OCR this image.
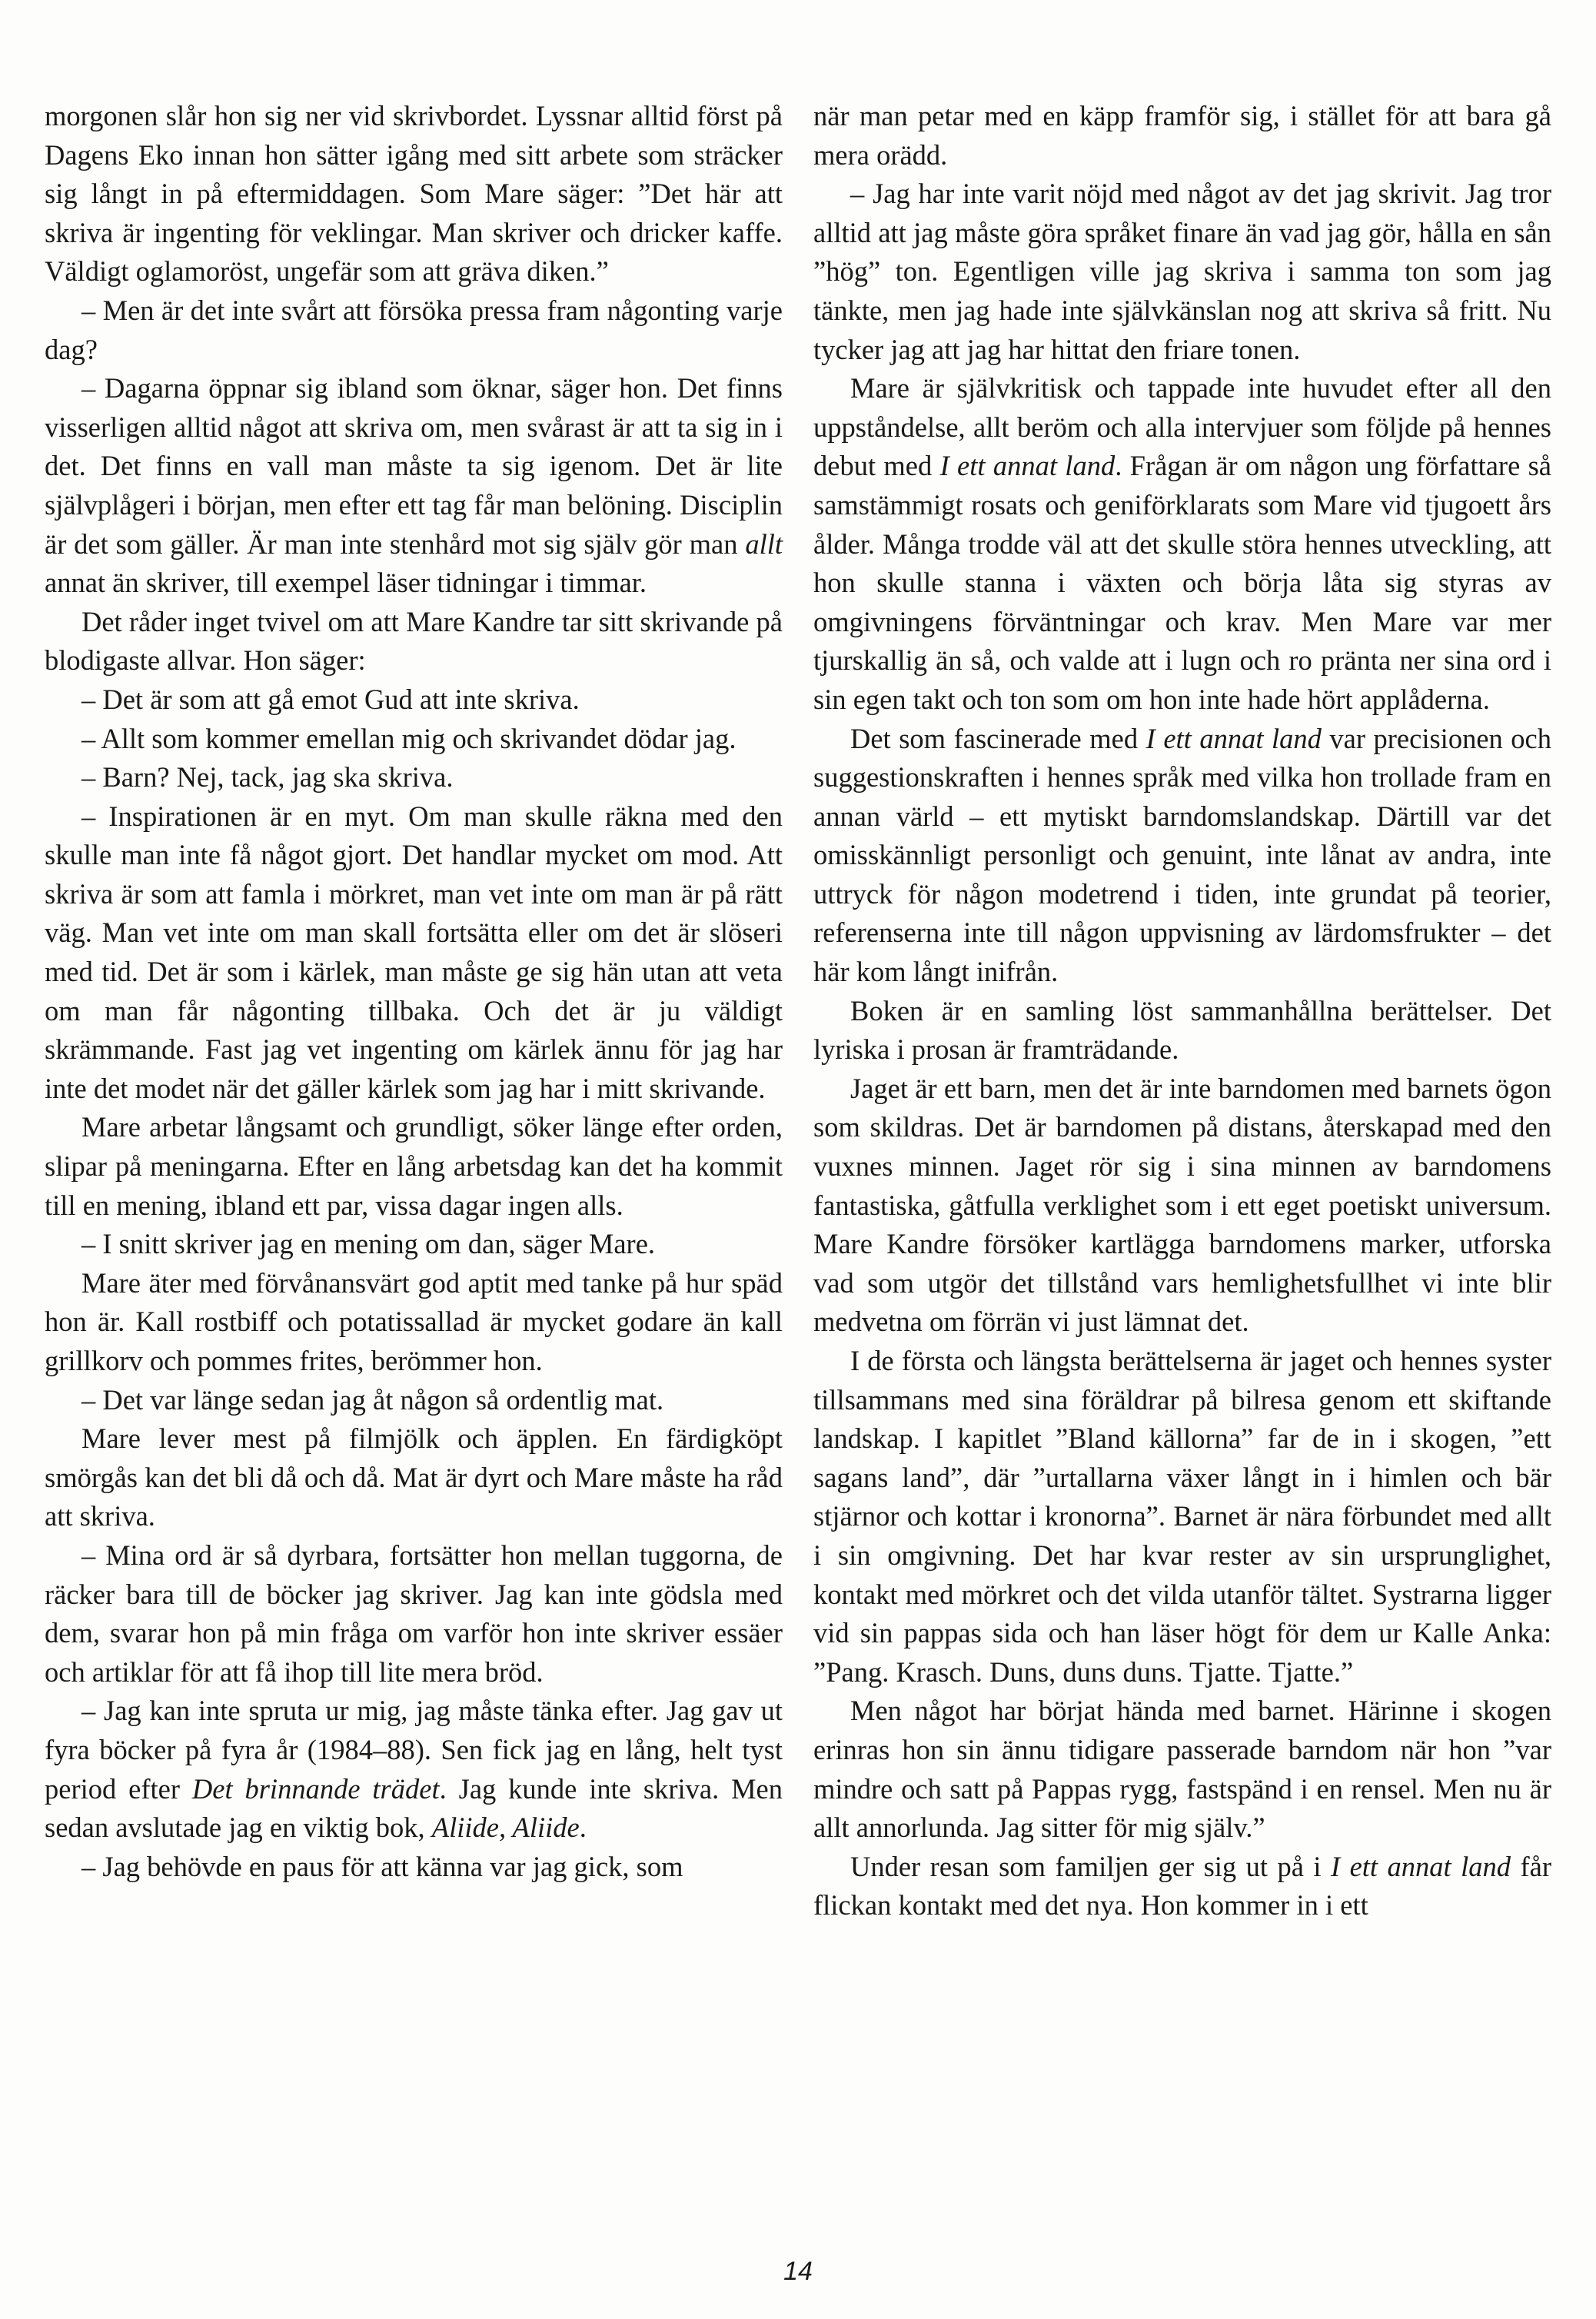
morgonen slår hon sig ner vid skrivbordet. Lyssnar alltid först på Dagens Eko innan hon sätter igång med sitt arbete som sträcker sig långt in på eftermiddagen. Som Mare säger: ”Det här att skriva är ingenting för veklingar. Man skriver och dricker kaffe. Väldigt oglamoröst, ungefär som att gräva diken.”

– Men är det inte svårt att försöka pressa fram någonting varje dag?

– Dagarna öppnar sig ibland som öknar, säger hon. Det finns visserligen alltid något att skriva om, men svårast är att ta sig in i det. Det finns en vall man måste ta sig igenom. Det är lite självplågeri i början, men efter ett tag får man belöning. Disciplin är det som gäller. Är man inte stenhård mot sig själv gör man allt annat än skriver, till exempel läser tidningar i timmar.

Det råder inget tvivel om att Mare Kandre tar sitt skrivande på blodigaste allvar. Hon säger:

– Det är som att gå emot Gud att inte skriva.

– Allt som kommer emellan mig och skrivandet dödar jag.

– Barn? Nej, tack, jag ska skriva.

– Inspirationen är en myt. Om man skulle räkna med den skulle man inte få något gjort. Det handlar mycket om mod. Att skriva är som att famla i mörkret, man vet inte om man är på rätt väg. Man vet inte om man skall fortsätta eller om det är slöseri med tid. Det är som i kärlek, man måste ge sig hän utan att veta om man får någonting tillbaka. Och det är ju väldigt skrämmande. Fast jag vet ingenting om kärlek ännu för jag har inte det modet när det gäller kärlek som jag har i mitt skrivande.

Mare arbetar långsamt och grundligt, söker länge efter orden, slipar på meningarna. Efter en lång arbetsdag kan det ha kommit till en mening, ibland ett par, vissa dagar ingen alls.

– I snitt skriver jag en mening om dan, säger Mare.

Mare äter med förvånansvärt god aptit med tanke på hur späd hon är. Kall rostbiff och potatissallad är mycket godare än kall grillkorv och pommes frites, berömmer hon.

– Det var länge sedan jag åt någon så ordentlig mat.

Mare lever mest på filmjölk och äpplen. En färdigköpt smörgås kan det bli då och då. Mat är dyrt och Mare måste ha råd att skriva.

– Mina ord är så dyrbara, fortsätter hon mellan tuggorna, de räcker bara till de böcker jag skriver. Jag kan inte gödsla med dem, svarar hon på min fråga om varför hon inte skriver essäer och artiklar för att få ihop till lite mera bröd.

– Jag kan inte spruta ur mig, jag måste tänka efter. Jag gav ut fyra böcker på fyra år (1984–88). Sen fick jag en lång, helt tyst period efter Det brinnande trädet. Jag kunde inte skriva. Men sedan avslutade jag en viktig bok, Aliide, Aliide.

– Jag behövde en paus för att känna var jag gick, som

när man petar med en käpp framför sig, i stället för att bara gå mera orädd.

– Jag har inte varit nöjd med något av det jag skrivit. Jag tror alltid att jag måste göra språket finare än vad jag gör, hålla en sån ”hög” ton. Egentligen ville jag skriva i samma ton som jag tänkte, men jag hade inte självkänslan nog att skriva så fritt. Nu tycker jag att jag har hittat den friare tonen.

Mare är självkritisk och tappade inte huvudet efter all den uppståndelse, allt beröm och alla intervjuer som följde på hennes debut med I ett annat land. Frågan är om någon ung författare så samstämmigt rosats och geniförklarats som Mare vid tjugoett års ålder. Många trodde väl att det skulle störa hennes utveckling, att hon skulle stanna i växten och börja låta sig styras av omgivningens förväntningar och krav. Men Mare var mer tjurskallig än så, och valde att i lugn och ro pränta ner sina ord i sin egen takt och ton som om hon inte hade hört applåderna.

Det som fascinerade med I ett annat land var precisionen och suggestionskraften i hennes språk med vilka hon trollade fram en annan värld – ett mytiskt barndomslandskap. Därtill var det omisskännligt personligt och genuint, inte lånat av andra, inte uttryck för någon modetrend i tiden, inte grundat på teorier, referenserna inte till någon uppvisning av lärdomsfrukter – det här kom långt inifrån.

Boken är en samling löst sammanhållna berättelser. Det lyriska i prosan är framträdande.

Jaget är ett barn, men det är inte barndomen med barnets ögon som skildras. Det är barndomen på distans, återskapad med den vuxnes minnen. Jaget rör sig i sina minnen av barndomens fantastiska, gåtfulla verklighet som i ett eget poetiskt universum. Mare Kandre försöker kartlägga barndomens marker, utforska vad som utgör det tillstånd vars hemlighetsfullhet vi inte blir medvetna om förrän vi just lämnat det.

I de första och längsta berättelserna är jaget och hennes syster tillsammans med sina föräldrar på bilresa genom ett skiftande landskap. I kapitlet ”Bland källorna” far de in i skogen, ”ett sagans land”, där ”urtallarna växer långt in i himlen och bär stjärnor och kottar i kronorna”. Barnet är nära förbundet med allt i sin omgivning. Det har kvar rester av sin ursprunglighet, kontakt med mörkret och det vilda utanför tältet. Systrarna ligger vid sin pappas sida och han läser högt för dem ur Kalle Anka: ”Pang. Krasch. Duns, duns duns. Tjatte. Tjatte.”

Men något har börjat hända med barnet. Härinne i skogen erinras hon sin ännu tidigare passerade barndom när hon ”var mindre och satt på Pappas rygg, fastspänd i en rensel. Men nu är allt annorlunda. Jag sitter för mig själv.”

Under resan som familjen ger sig ut på i I ett annat land får flickan kontakt med det nya. Hon kommer in i ett

14
